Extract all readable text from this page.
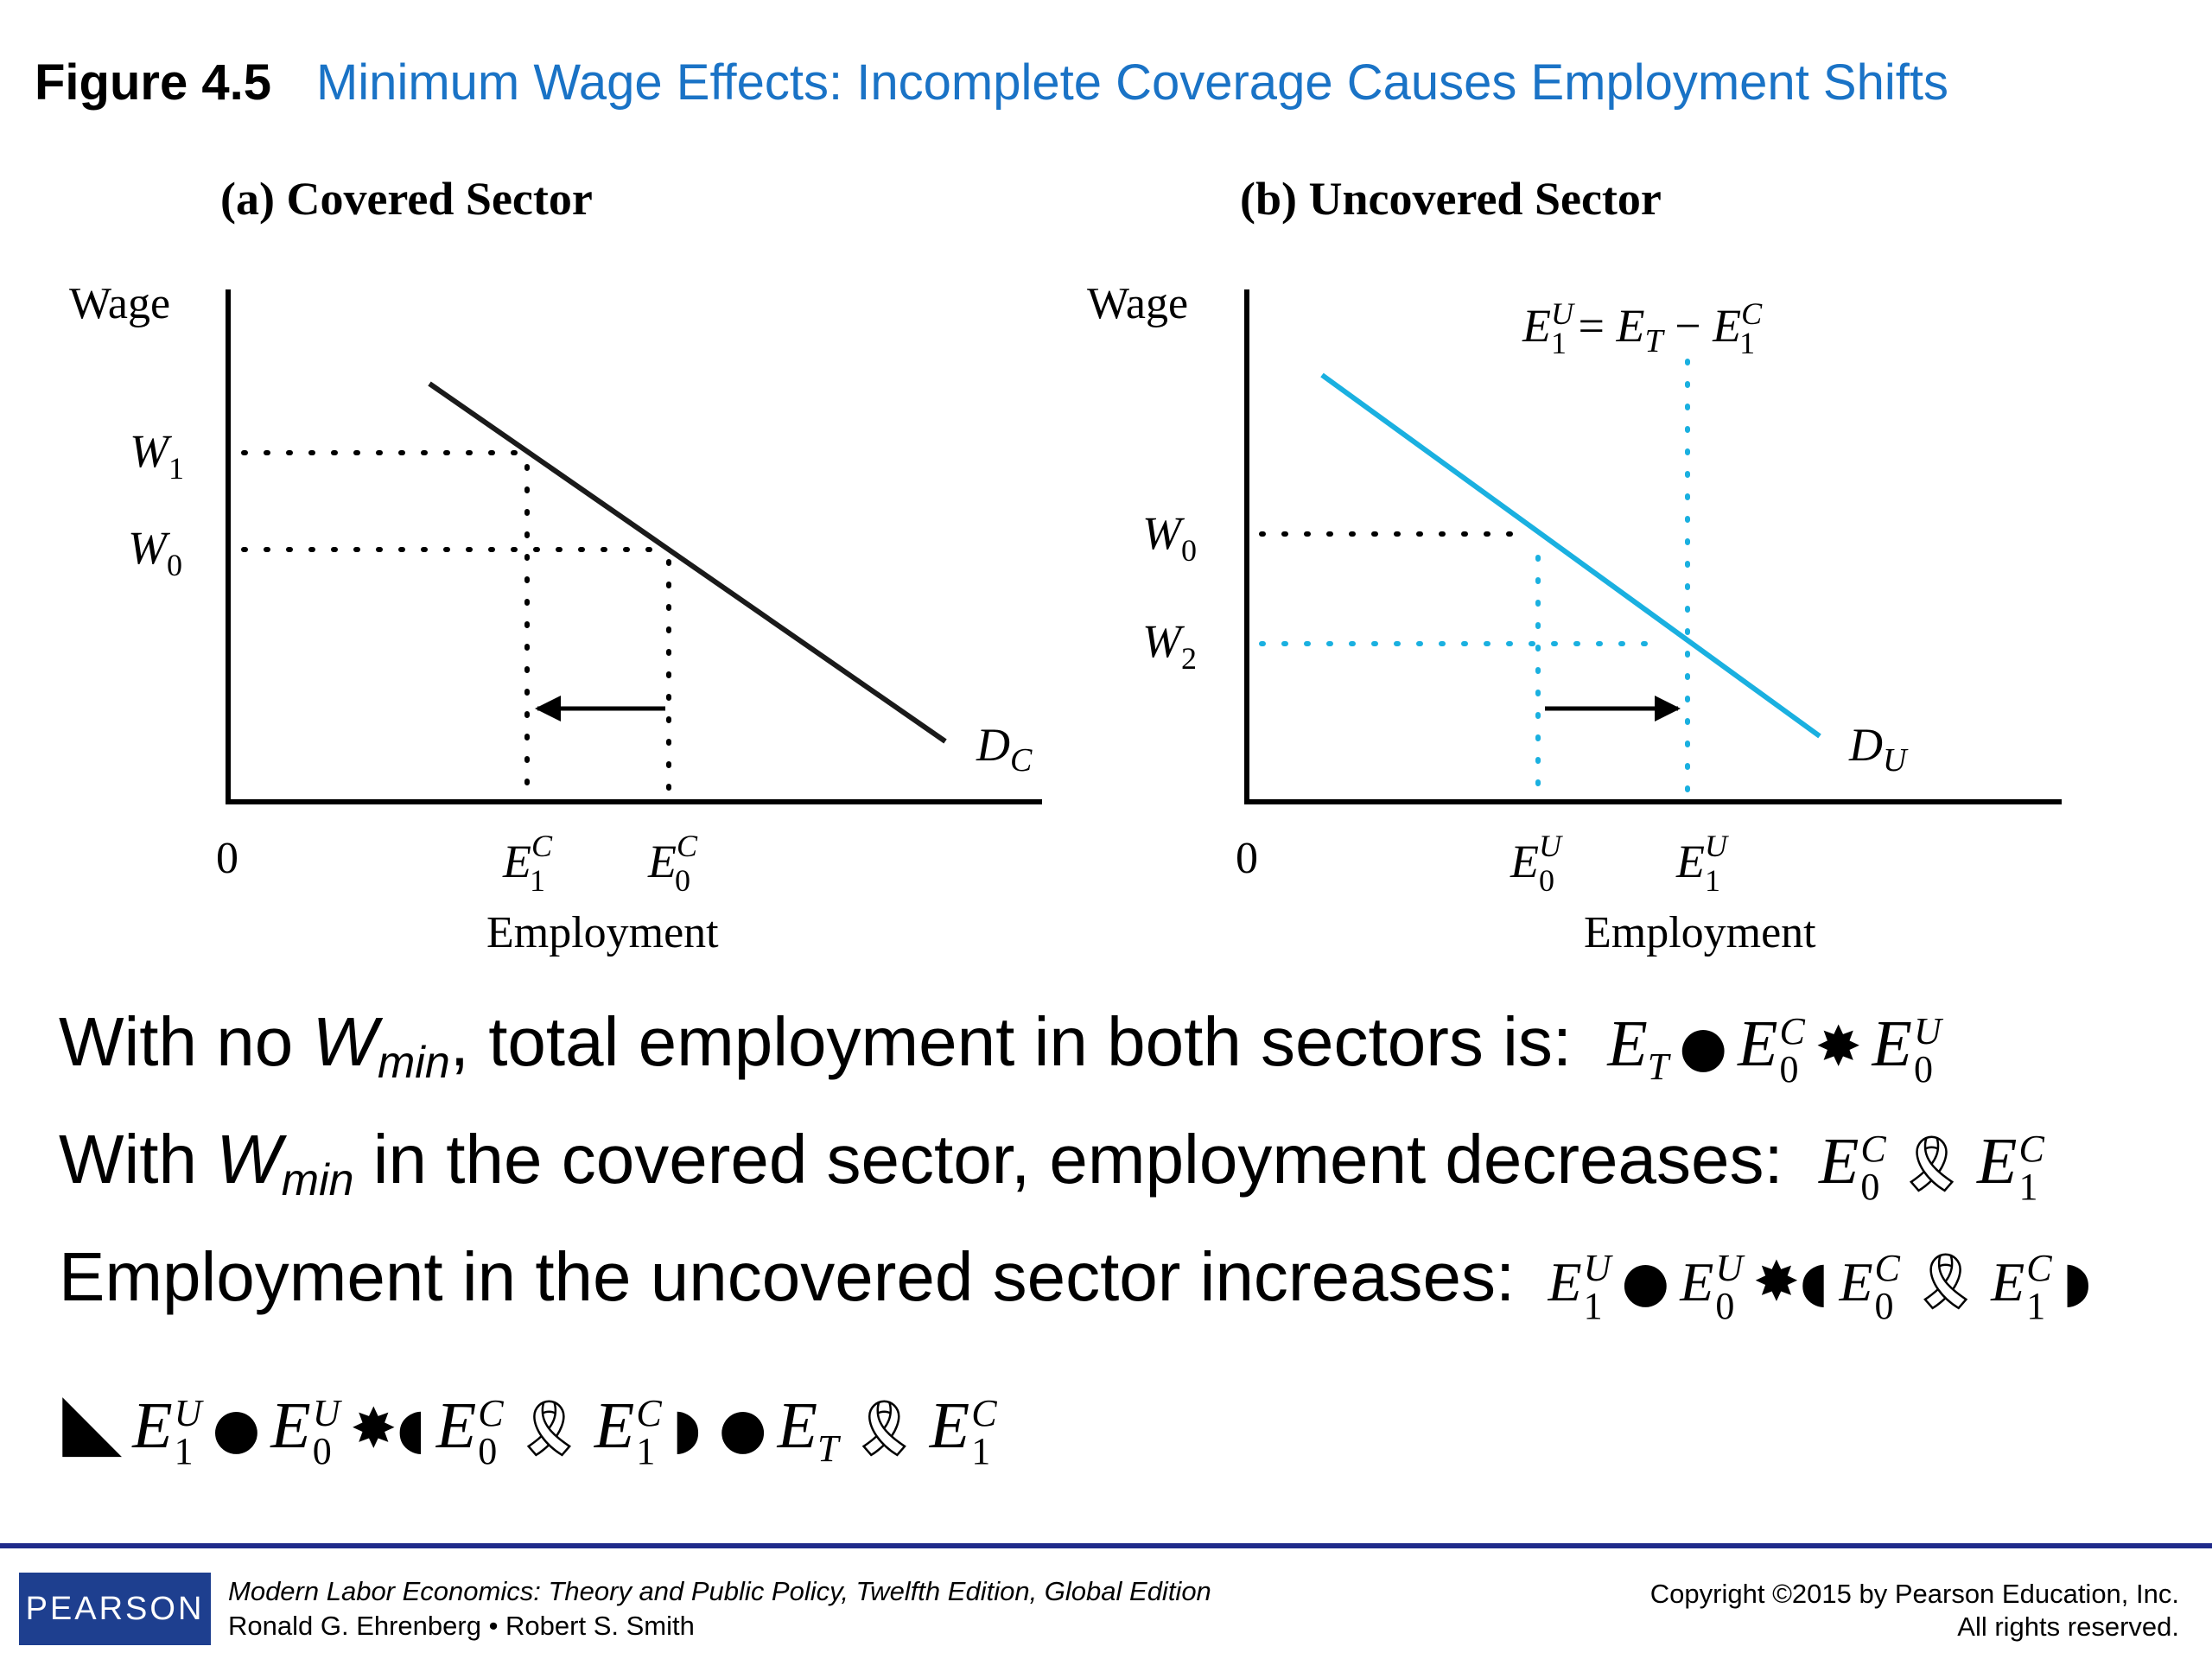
Figure 4.5 Minimum Wage Effects: Incomplete Coverage Causes Employment Shifts
(a) Covered Sector
Wage
0
$W_1$
$W_0$
$E^C$ 1 $E^C$ 0
$D_C$
Employment
(b) Uncovered Sector
Wage
0
$W_0$
$W_2$
$E^U$ 0	$E^U$ 1
$D_U$
$E^U$ $1 = E_T - E^C$ 1
Employment
With no $W_{min}$, total employment in both sectors is:  $E_T$ ● E C
0 ✸ E U
0
With $W_{min}$ in the covered sector, employment decreases:  E C
0 🎗 E C
1
Employment in the uncovered sector increases:  E U
1 ● E U
0 ✸◖ E C
0 🎗 E C
1 ◗
◣ E U
1 ● E U
0 ✸◖ E C
0 🎗 E C
1 ◗ ● $E_T$ 🎗 E C
1
PEARSON Modern Labor Economics: Theory and Public Policy, Twelfth Edition, Global Edition
Ronald G. Ehrenberg • Robert S. Smith
Copyright ©2015 by Pearson Education, Inc.
All rights reserved.
